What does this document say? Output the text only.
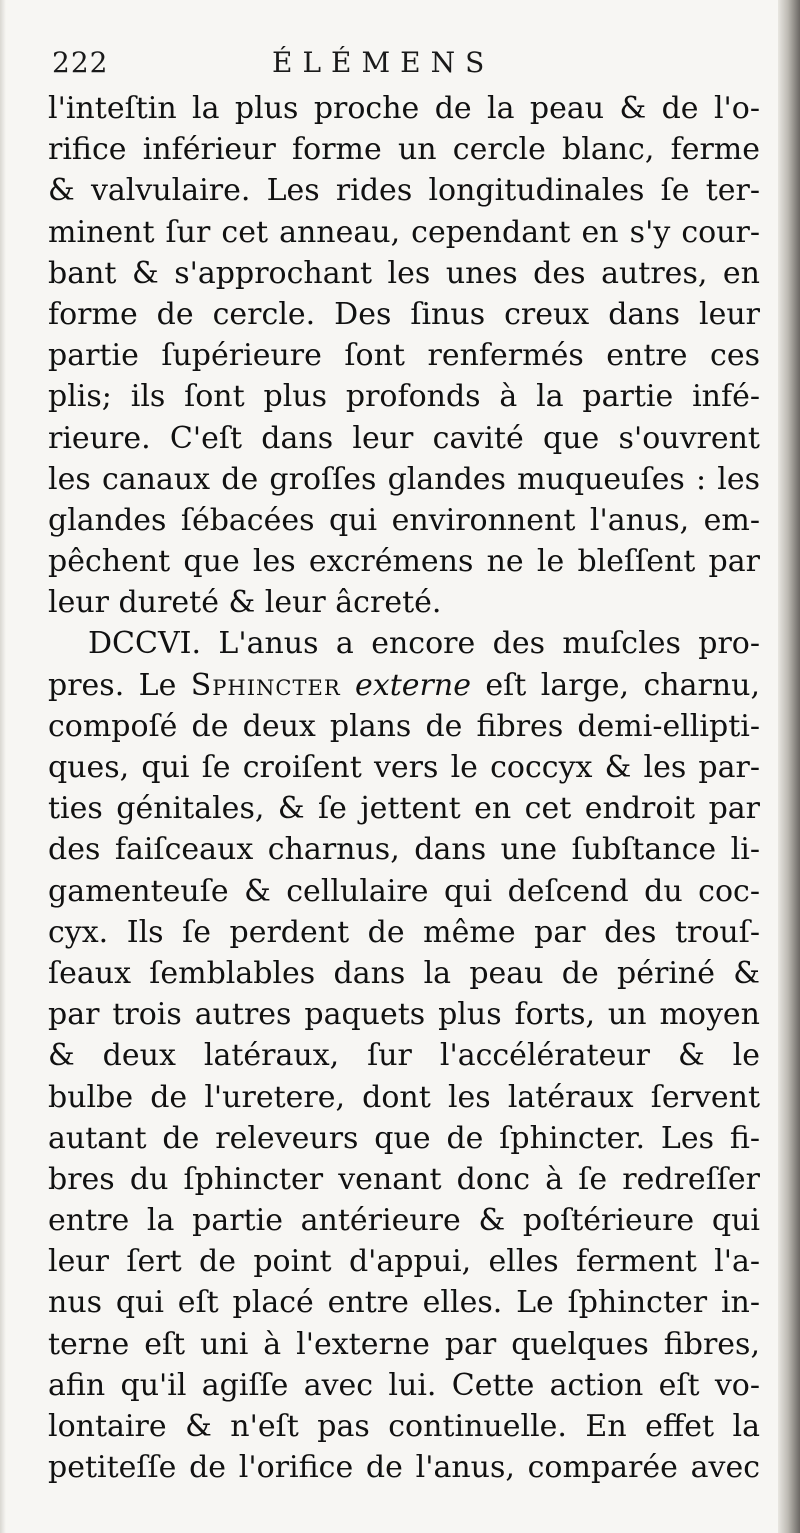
222	ÉLÉMENS
l'inteſtin la plus proche de la peau & de l'o-
rifice inférieur forme un cercle blanc, ferme
& valvulaire. Les rides longitudinales ſe ter-
minent ſur cet anneau, cependant en s'y cour-
bant & s'approchant les unes des autres, en
forme de cercle. Des ſinus creux dans leur
partie ſupérieure ſont renfermés entre ces
plis; ils ſont plus profonds à la partie infé-
rieure. C'eſt dans leur cavité que s'ouvrent
les canaux de groſſes glandes muqueuſes : les
glandes ſébacées qui environnent l'anus, em-
pêchent que les excrémens ne le bleſſent par
leur dureté & leur âcreté.
DCCVI. L'anus a encore des muſcles pro-
pres. Le Sphincter externe eſt large, charnu,
compoſé de deux plans de fibres demi-ellipti-
ques, qui ſe croiſent vers le coccyx & les par-
ties génitales, & ſe jettent en cet endroit par
des faiſceaux charnus, dans une ſubſtance li-
gamenteuſe & cellulaire qui deſcend du coc-
cyx. Ils ſe perdent de même par des trouſ-
ſeaux ſemblables dans la peau de périné &
par trois autres paquets plus forts, un moyen
& deux latéraux, ſur l'accélérateur & le
bulbe de l'uretere, dont les latéraux ſervent
autant de releveurs que de ſphincter. Les fi-
bres du ſphincter venant donc à ſe redreſſer
entre la partie antérieure & poſtérieure qui
leur ſert de point d'appui, elles ferment l'a-
nus qui eſt placé entre elles. Le ſphincter in-
terne eſt uni à l'externe par quelques fibres,
afin qu'il agiſſe avec lui. Cette action eſt vo-
lontaire & n'eſt pas continuelle. En effet la
petiteſſe de l'orifice de l'anus, comparée avec
